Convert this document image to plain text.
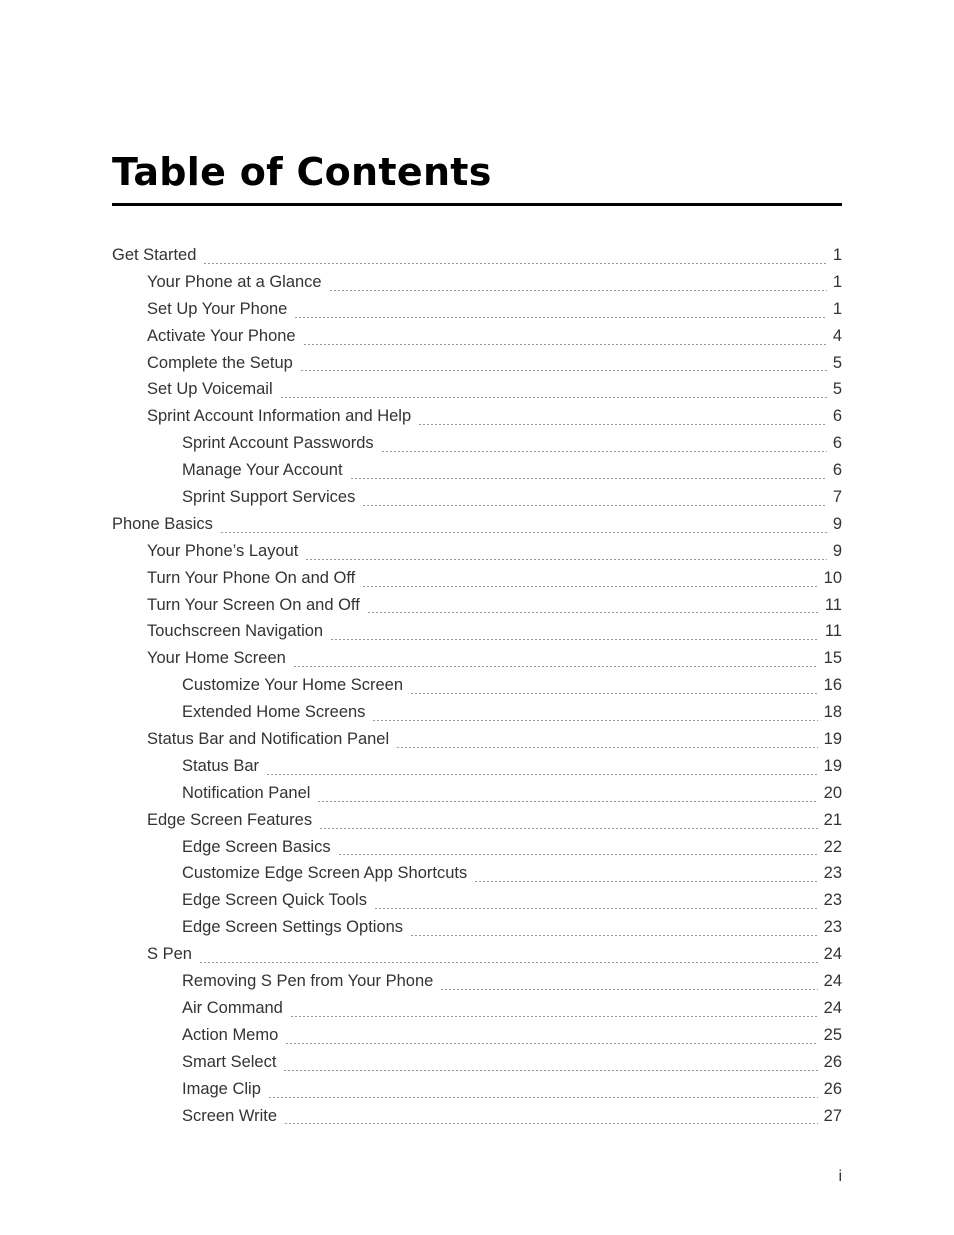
Table of Contents
Get Started	1
Your Phone at a Glance	1
Set Up Your Phone	1
Activate Your Phone	4
Complete the Setup	5
Set Up Voicemail	5
Sprint Account Information and Help	6
Sprint Account Passwords	6
Manage Your Account	6
Sprint Support Services	7
Phone Basics	9
Your Phone’s Layout	9
Turn Your Phone On and Off	10
Turn Your Screen On and Off	11
Touchscreen Navigation	11
Your Home Screen	15
Customize Your Home Screen	16
Extended Home Screens	18
Status Bar and Notification Panel	19
Status Bar	19
Notification Panel	20
Edge Screen Features	21
Edge Screen Basics	22
Customize Edge Screen App Shortcuts	23
Edge Screen Quick Tools	23
Edge Screen Settings Options	23
S Pen	24
Removing S Pen from Your Phone	24
Air Command	24
Action Memo	25
Smart Select	26
Image Clip	26
Screen Write	27
i
